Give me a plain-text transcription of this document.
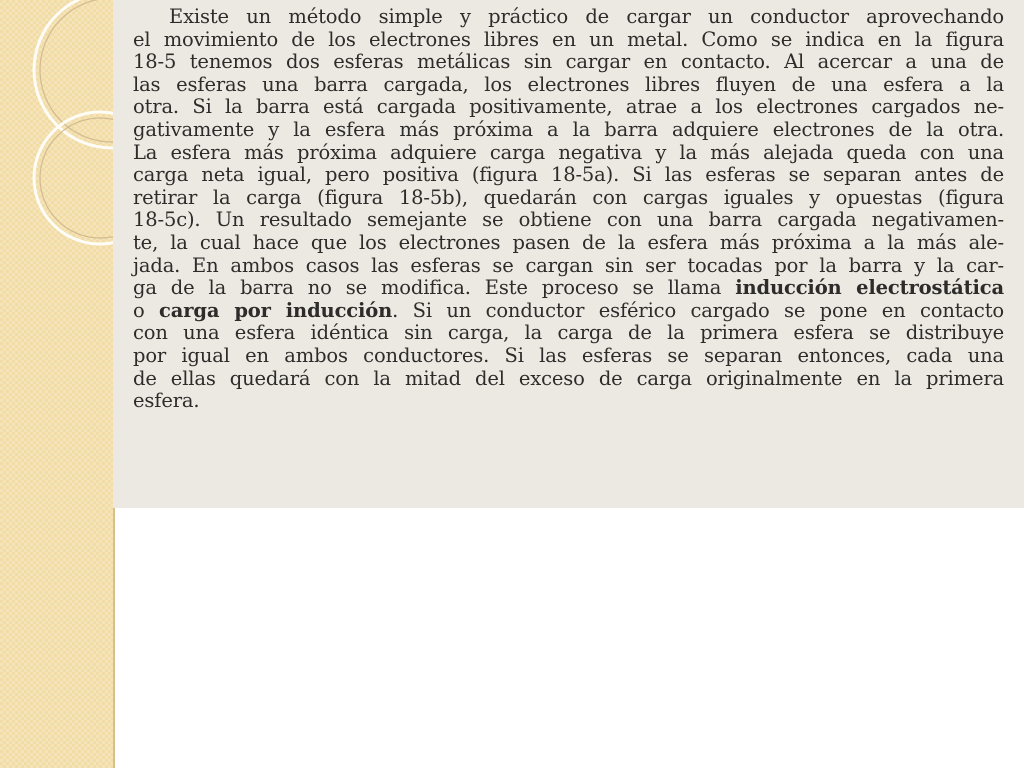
Existe un método simple y práctico de cargar un conductor aprovechando
el movimiento de los electrones libres en un metal. Como se indica en la figura
18-5 tenemos dos esferas metálicas sin cargar en contacto. Al acercar a una de
las esferas una barra cargada, los electrones libres fluyen de una esfera a la
otra. Si la barra está cargada positivamente, atrae a los electrones cargados ne-
gativamente y la esfera más próxima a la barra adquiere electrones de la otra.
La esfera más próxima adquiere carga negativa y la más alejada queda con una
carga neta igual, pero positiva (figura 18-5a). Si las esferas se separan antes de
retirar la carga (figura 18-5b), quedarán con cargas iguales y opuestas (figura
18-5c). Un resultado semejante se obtiene con una barra cargada negativamen-
te, la cual hace que los electrones pasen de la esfera más próxima a la más ale-
jada. En ambos casos las esferas se cargan sin ser tocadas por la barra y la car-
ga de la barra no se modifica. Este proceso se llama inducción electrostática
o carga por inducción. Si un conductor esférico cargado se pone en contacto
con una esfera idéntica sin carga, la carga de la primera esfera se distribuye
por igual en ambos conductores. Si las esferas se separan entonces, cada una
de ellas quedará con la mitad del exceso de carga originalmente en la primera
esfera.
